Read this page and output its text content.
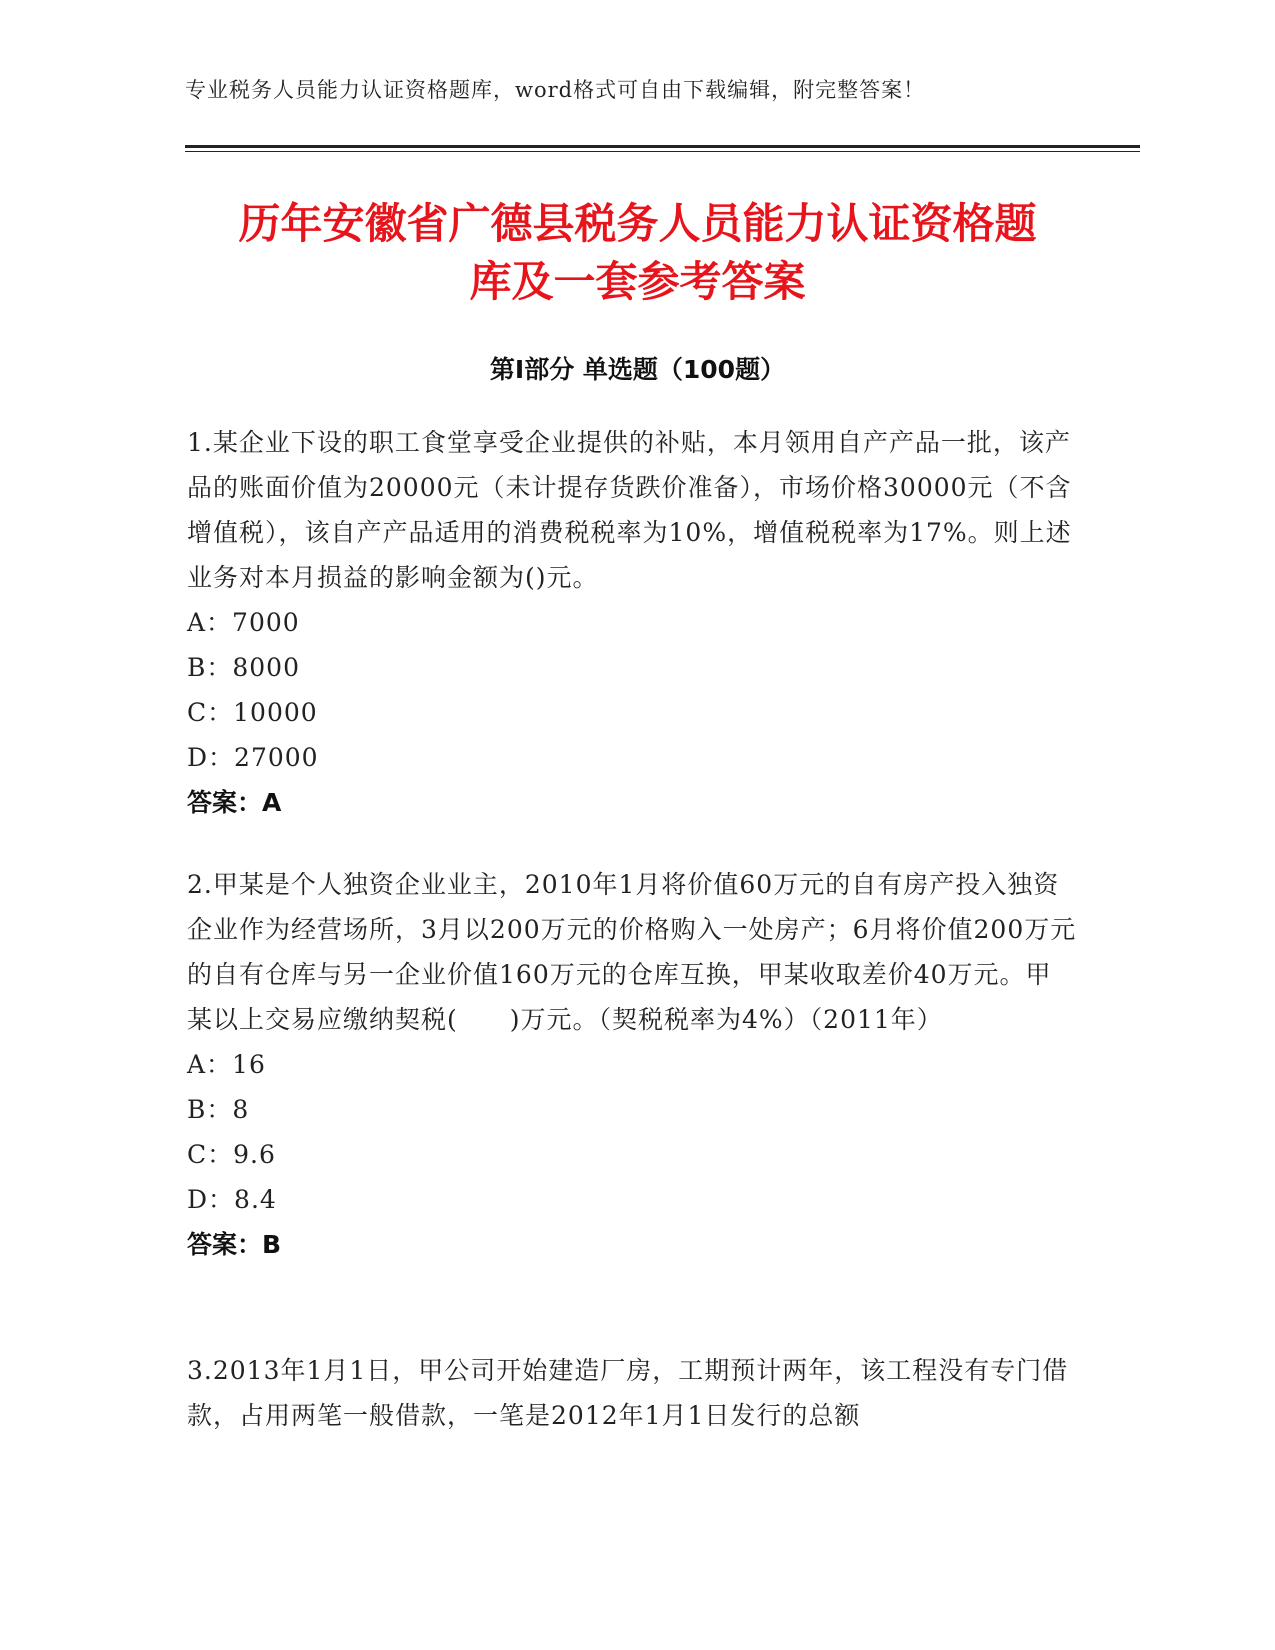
专业税务人员能力认证资格题库，word格式可自由下载编辑，附完整答案！
历年安徽省广德县税务人员能力认证资格题
库及一套参考答案
第I部分 单选题（100题）
1.某企业下设的职工食堂享受企业提供的补贴，本月领用自产产品一批，该产品的账面价值为20000元（未计提存货跌价准备），市场价格30000元（不含增值税），该自产产品适用的消费税税率为10%，增值税税率为17%。则上述业务对本月损益的影响金额为()元。
A：7000
B：8000
C：10000
D：27000
答案：A
2.甲某是个人独资企业业主，2010年1月将价值60万元的自有房产投入独资企业作为经营场所，3月以200万元的价格购入一处房产；6月将价值200万元的自有仓库与另一企业价值160万元的仓库互换，甲某收取差价40万元。甲某以上交易应缴纳契税(　　)万元。（契税税率为4%）（2011年）
A：16
B：8
C：9.6
D：8.4
答案：B
3.2013年1月1日，甲公司开始建造厂房，工期预计两年，该工程没有专门借款，占用两笔一般借款，一笔是2012年1月1日发行的总额
